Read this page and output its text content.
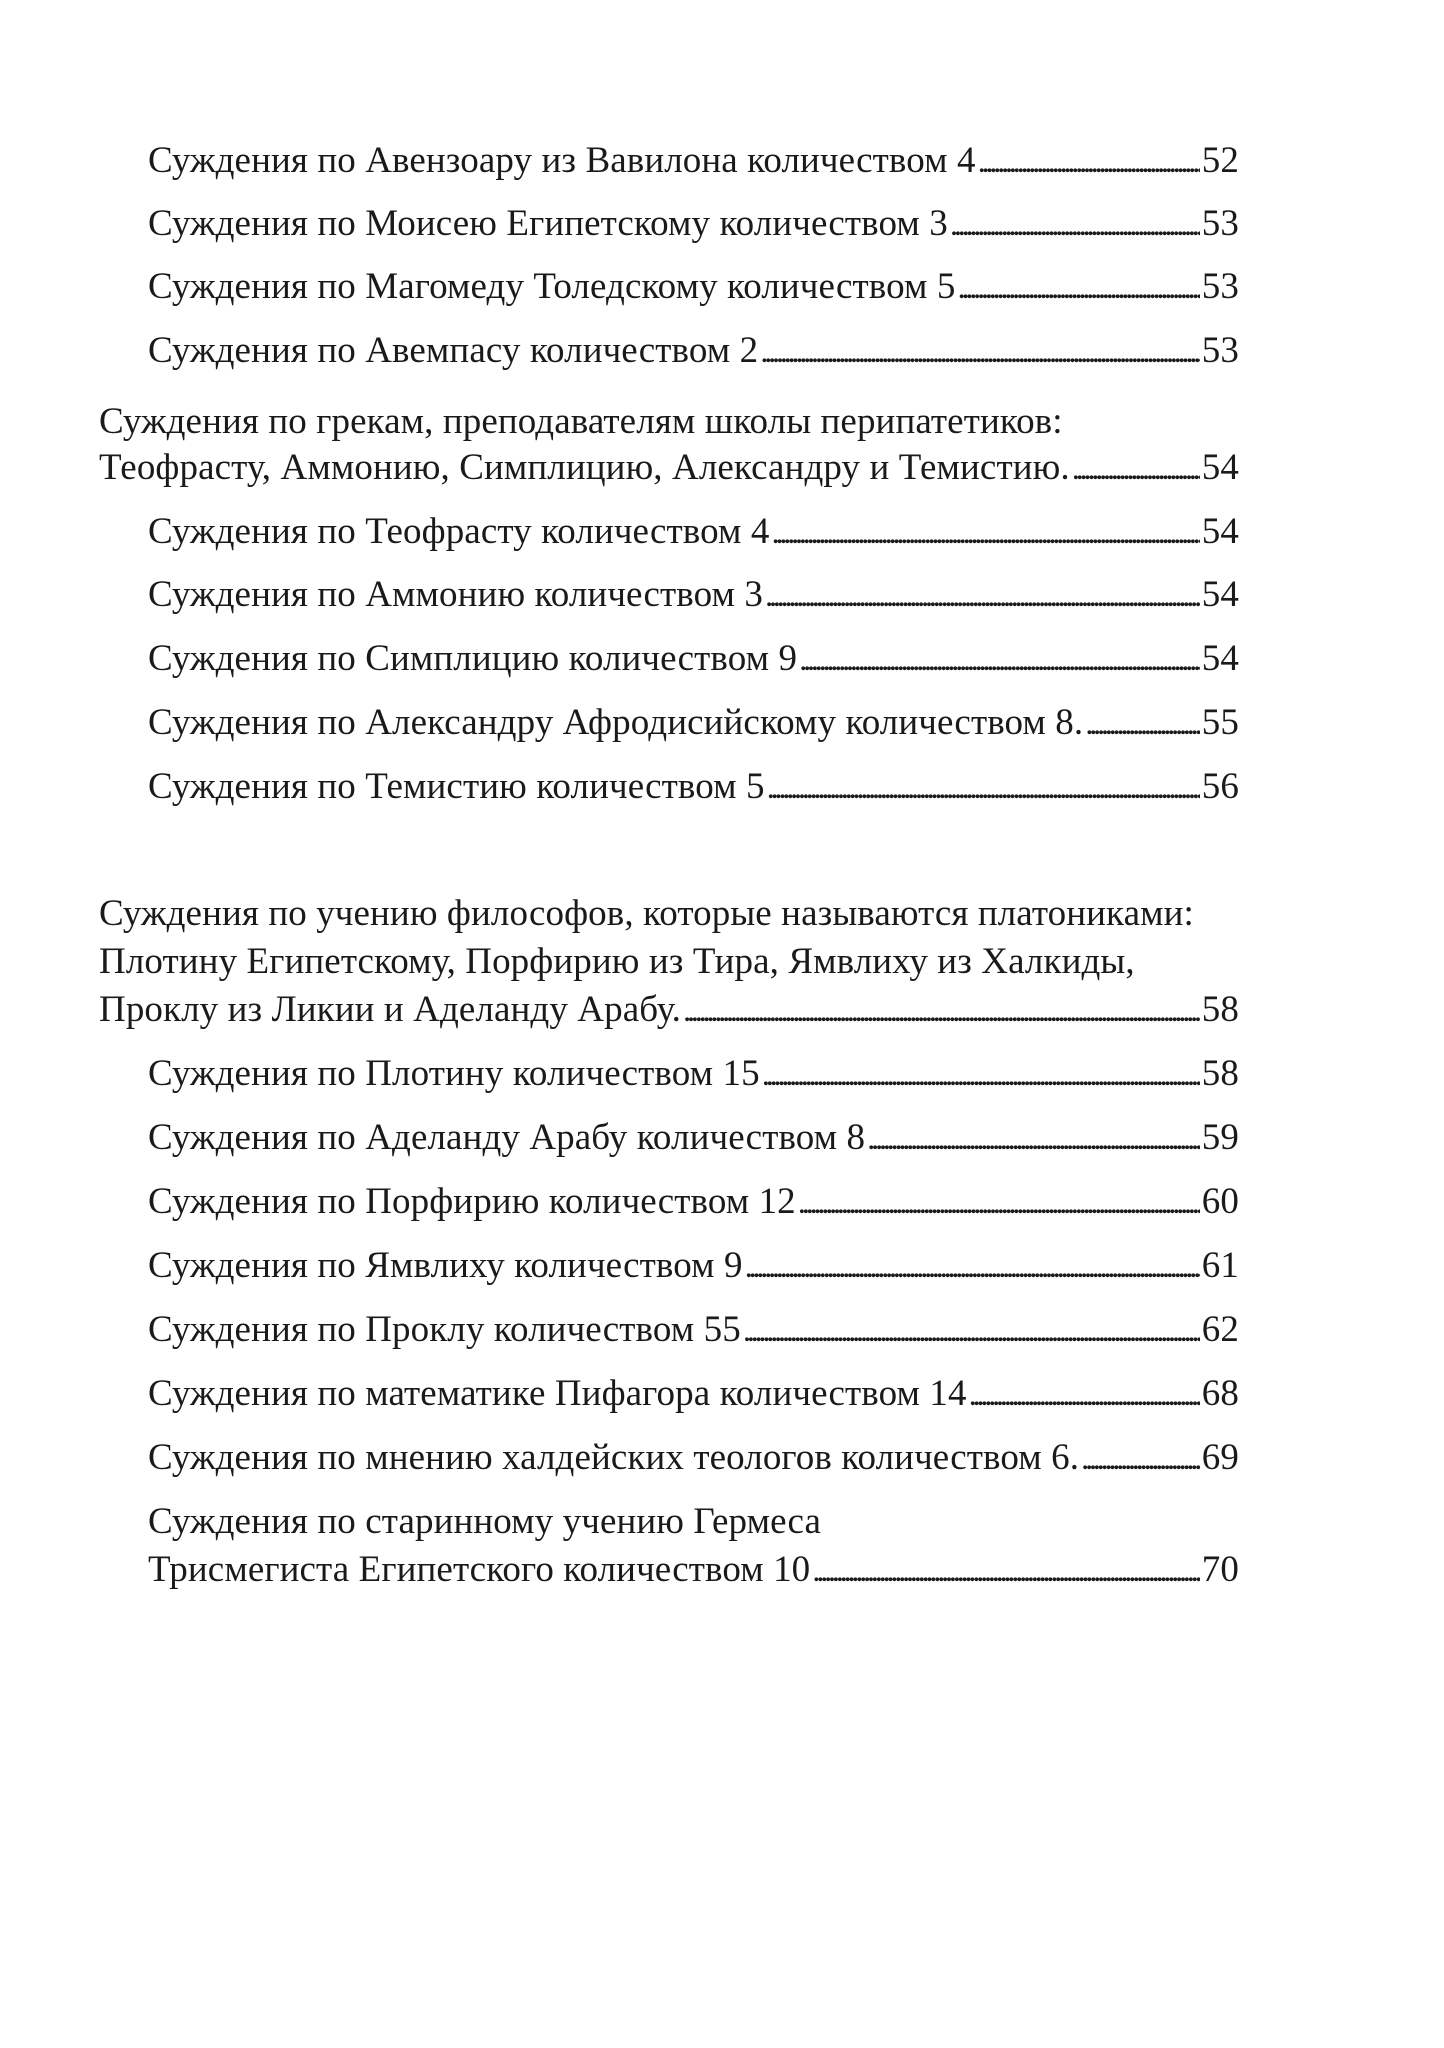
Суждения по Авензоару из Вавилона количеством 4 . . .	52
Суждения по Моисею Египетскому количеством 3 . . .	53
Суждения по Магомеду Толедскому количеством 5 . . .	53
Суждения по Авемпасу количеством 2 . . .	53
Суждения по грекам, преподавателям школы перипатетиков:
Теофрасту, Аммонию, Симплицию, Александру и Темистию. . . .	54
Суждения по Теофрасту количеством 4 . . .	54
Суждения по Аммонию количеством 3 . . .	54
Суждения по Симплицию количеством 9 . . .	54
Суждения по Александру Афродисийскому количеством 8. . . .	55
Суждения по Темистию количеством 5 . . .	56
Суждения по учению философов, которые называются платониками:
Плотину Египетскому, Порфирию из Тира, Ямвлиху из Халкиды,
Проклу из Ликии и Аделанду Арабу. . . .	58
Суждения по Плотину количеством 15 . . .	58
Суждения по Аделанду Арабу количеством 8 . . .	59
Суждения по Порфирию количеством 12 . . .	60
Суждения по Ямвлиху количеством 9 . . .	61
Суждения по Проклу количеством 55 . . .	62
Суждения по математике Пифагора количеством 14 . . .	68
Суждения по мнению халдейских теологов количеством 6. . . .	69
Суждения по старинному учению Гермеса
Трисмегиста Египетского количеством 10 . . .	70
